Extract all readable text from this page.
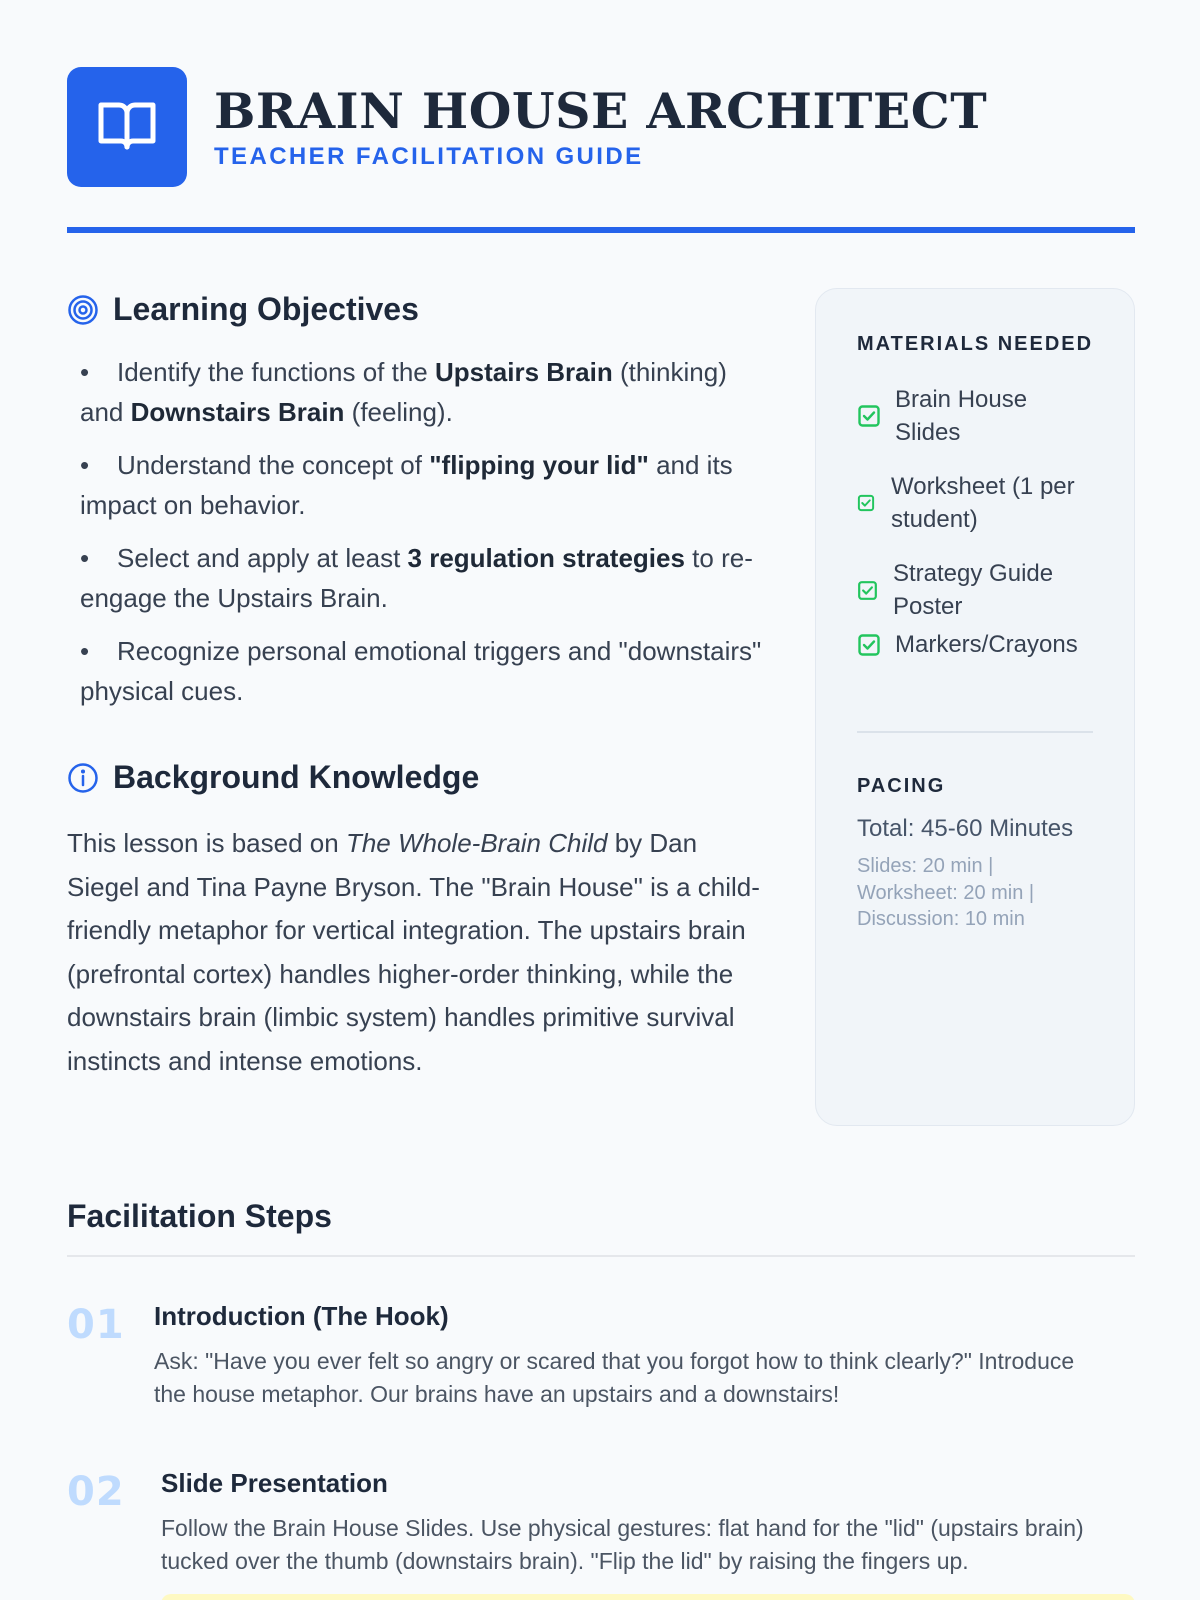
BRAIN HOUSE ARCHITECT
TEACHER FACILITATION GUIDE
Learning Objectives
• Identify the functions of the Upstairs Brain (thinking) and Downstairs Brain (feeling).
• Understand the concept of "flipping your lid" and its impact on behavior.
• Select and apply at least 3 regulation strategies to re-engage the Upstairs Brain.
• Recognize personal emotional triggers and "downstairs" physical cues.
Background Knowledge

This lesson is based on The Whole-Brain Child by Dan Siegel and Tina Payne Bryson. The "Brain House" is a child-friendly metaphor for vertical integration. The upstairs brain (prefrontal cortex) handles higher-order thinking, while the downstairs brain (limbic system) handles primitive survival instincts and intense emotions.

MATERIALS NEEDED
Brain House Slides
Worksheet (1 per student)
Strategy Guide Poster
Markers/Crayons
PACING
Total: 45-60 Minutes
Slides: 20 min | Worksheet: 20 min | Discussion: 10 min
Facilitation Steps
01 Introduction (The Hook)
Ask: "Have you ever felt so angry or scared that you forgot how to think clearly?" Introduce the house metaphor. Our brains have an upstairs and a downstairs!
02 Slide Presentation
Follow the Brain House Slides. Use physical gestures: flat hand for the "lid" (upstairs brain) tucked over the thumb (downstairs brain). "Flip the lid" by raising the fingers up.
